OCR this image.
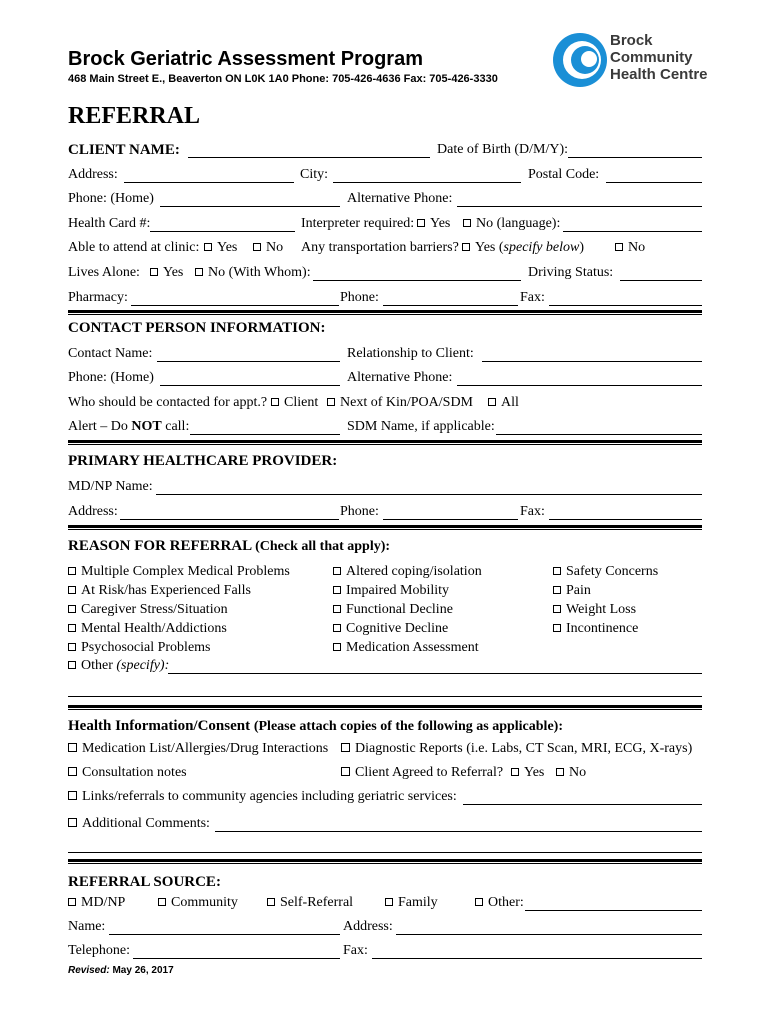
Brock Geriatric Assessment Program
468 Main Street E., Beaverton ON L0K 1A0 Phone: 705-426-4636 Fax: 705-426-3330
Brock
Community
Health Centre
REFERRAL
CLIENT NAME:	Date of Birth (D/M/Y):
Address:	City:	Postal Code:
Phone: (Home)	Alternative Phone:
Health Card #:	Interpreter required:	Yes	No (language):
Able to attend at clinic:	Yes	No Any transportation barriers?	Yes (specify below)	No
Lives Alone:	Yes	No (With Whom):	Driving Status:
Pharmacy:	Phone:	Fax:
CONTACT PERSON INFORMATION:
Contact Name:	Relationship to Client:
Phone: (Home)	Alternative Phone:
Who should be contacted for appt.?	Client	Next of Kin/POA/SDM	All
Alert – Do NOT call:	SDM Name, if applicable:
PRIMARY HEALTHCARE PROVIDER:
MD/NP Name:
Address:	Phone:	Fax:
REASON FOR REFERRAL (Check all that apply):
Multiple Complex Medical Problems
At Risk/has Experienced Falls
Caregiver Stress/Situation
Mental Health/Addictions
Psychosocial Problems
Altered coping/isolation
Impaired Mobility
Functional Decline
Cognitive Decline
Medication Assessment
Safety Concerns
Pain
Weight Loss
Incontinence
Other (specify):
Health Information/Consent (Please attach copies of the following as applicable):
Medication List/Allergies/Drug Interactions	Diagnostic Reports (i.e. Labs, CT Scan, MRI, ECG, X-rays)
Consultation notes	Client Agreed to Referral?	Yes	No
Links/referrals to community agencies including geriatric services:
Additional Comments:
REFERRAL SOURCE:
MD/NP	Community	Self-Referral	Family	Other:
Name:	Address:
Telephone:	Fax:
Revised: May 26, 2017
